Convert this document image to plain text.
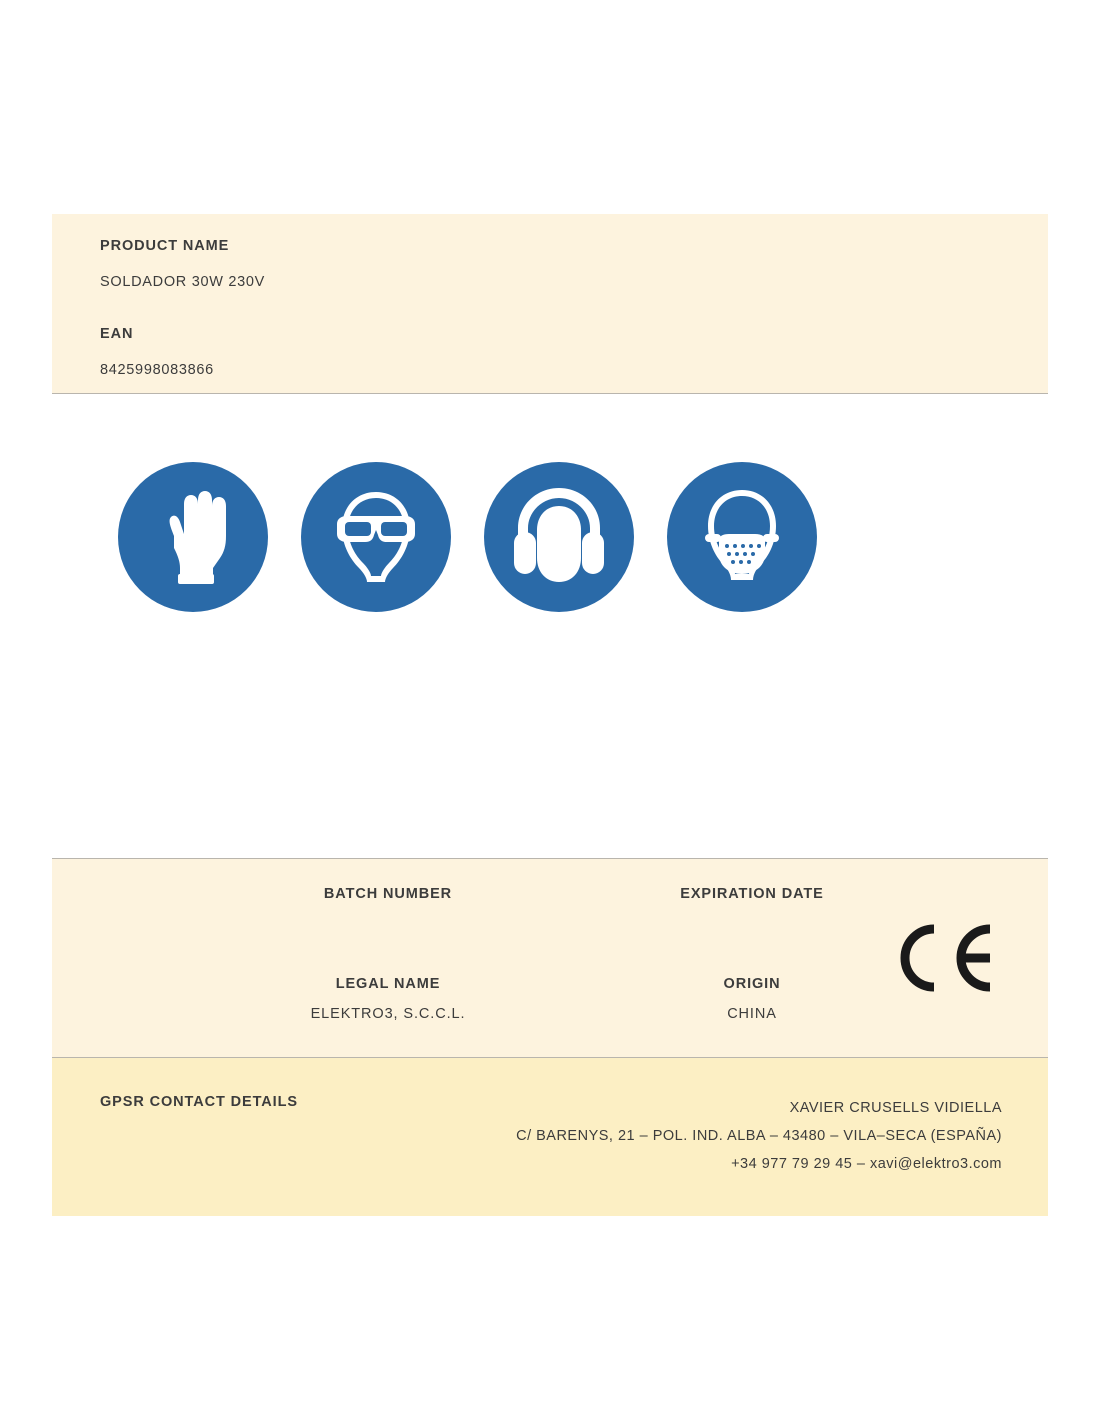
PRODUCT NAME
SOLDADOR 30W 230V
EAN
8425998083866
BATCH NUMBER	EXPIRATION DATE
LEGAL NAME
ELEKTRO3, S.C.C.L.
ORIGIN
CHINA
GPSR CONTACT DETAILS	XAVIER CRUSELLS VIDIELLA
C/ BARENYS, 21 – POL. IND. ALBA – 43480 – VILA–SECA (ESPAÑA)
+34 977 79 29 45 – xavi@elektro3.com
